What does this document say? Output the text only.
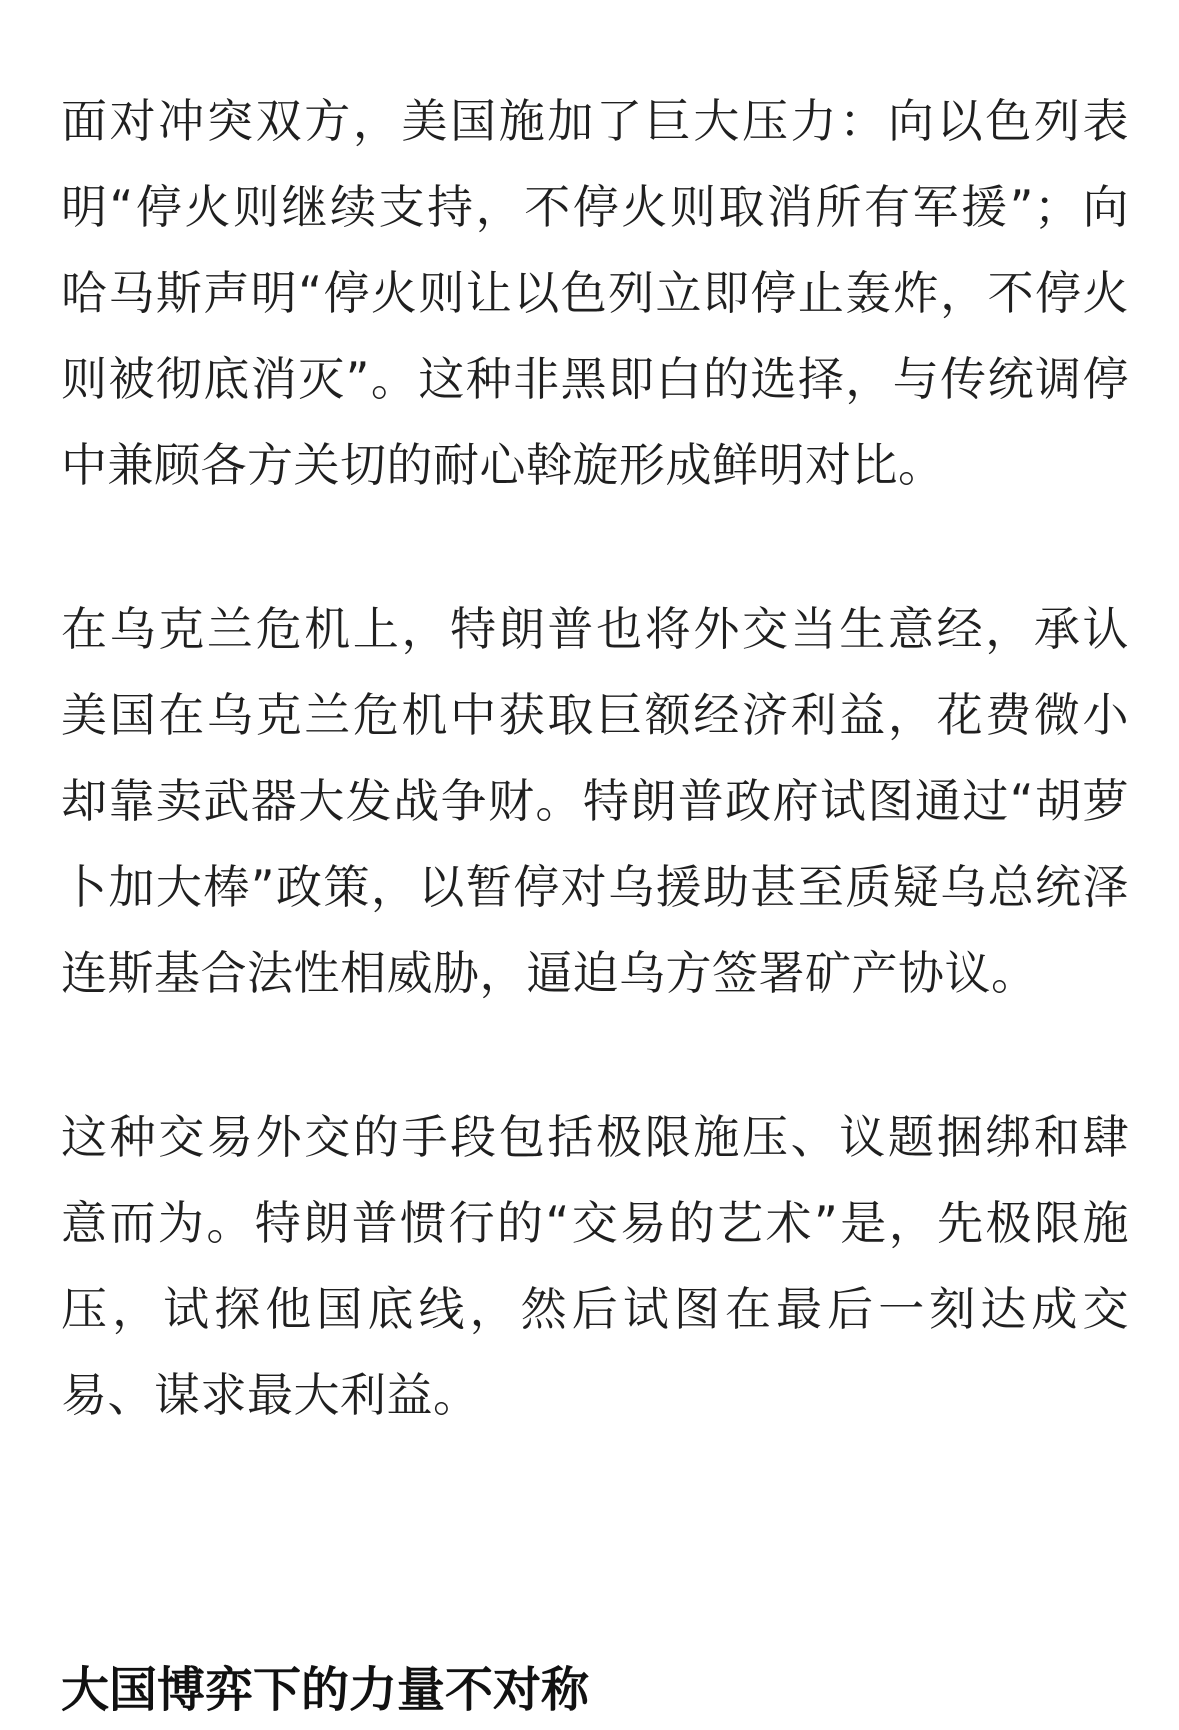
面对冲突双方，美国施加了巨大压力：向以色列表明“停火则继续支持，不停火则取消所有军援”；向哈马斯声明“停火则让以色列立即停止轰炸，不停火则被彻底消灭”。这种非黑即白的选择，与传统调停中兼顾各方关切的耐心斡旋形成鲜明对比。

在乌克兰危机上，特朗普也将外交当生意经，承认美国在乌克兰危机中获取巨额经济利益，花费微小却靠卖武器大发战争财。特朗普政府试图通过“胡萝卜加大棒”政策，以暂停对乌援助甚至质疑乌总统泽连斯基合法性相威胁，逼迫乌方签署矿产协议。

这种交易外交的手段包括极限施压、议题捆绑和肆意而为。特朗普惯行的“交易的艺术”是，先极限施压，试探他国底线，然后试图在最后一刻达成交易、谋求最大利益。

大国博弈下的力量不对称
